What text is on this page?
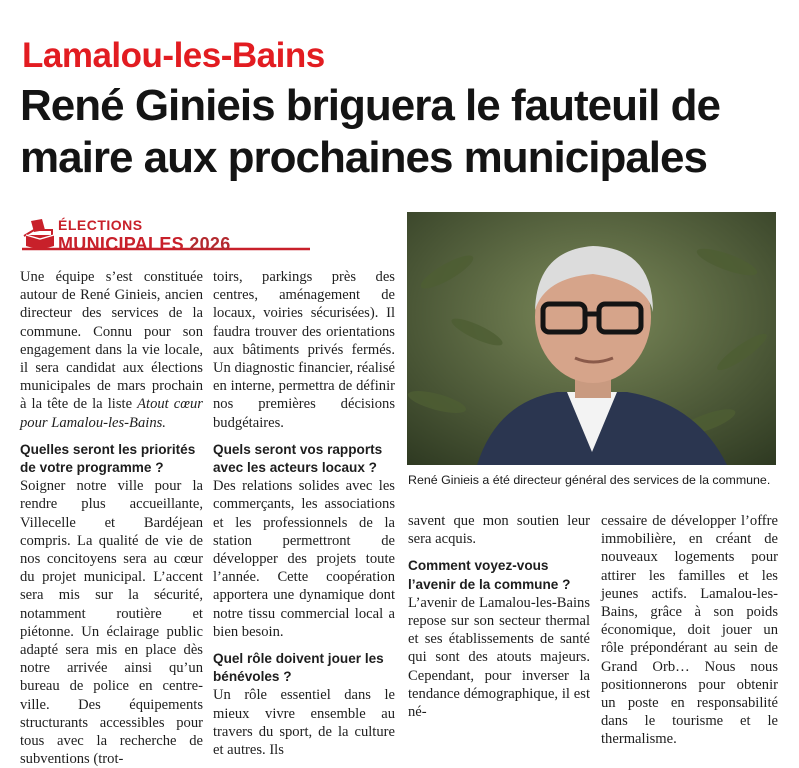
Lamalou-les-Bains
René Ginieis briguera le fauteuil de
maire aux prochaines municipales
ÉLECTIONS
MUNICIPALES 2026

Une équipe s’est constituée autour de René Ginieis, ancien directeur des services de la commune. Connu pour son engagement dans la vie locale, il sera candidat aux élections municipales de mars prochain à la tête de la liste Atout cœur pour Lamalou-les-Bains.

Quelles seront les priorités de votre programme ?

Soigner notre ville pour la rendre plus accueillante, Villecelle et Bardéjean compris. La qualité de vie de nos concitoyens sera au cœur du projet municipal. L’accent sera mis sur la sécurité, notamment routière et piétonne. Un éclairage public adapté sera mis en place dès notre arrivée ainsi qu’un bureau de police en centre-ville. Des équipements structurants accessibles pour tous avec la recherche de subventions (trot-

toirs, parkings près des centres, aménagement de locaux, voiries sécurisées). Il faudra trouver des orientations aux bâtiments privés fermés. Un diagnostic financier, réalisé en interne, permettra de définir nos premières décisions budgétaires.

Quels seront vos rapports avec les acteurs locaux ?

Des relations solides avec les commerçants, les associations et les professionnels de la station permettront de développer des projets toute l’année. Cette coopération apportera une dynamique dont notre tissu commercial local a bien besoin.

Quel rôle doivent jouer les bénévoles ?

Un rôle essentiel dans le mieux vivre ensemble au travers du sport, de la culture et autres. Ils

René Ginieis a été directeur général des services de la commune.

savent que mon soutien leur sera acquis.

Comment voyez-vous l’avenir de la commune ?

L’avenir de Lamalou-les-Bains repose sur son secteur thermal et ses établissements de santé qui sont des atouts majeurs. Cependant, pour inverser la tendance démographique, il est né-

cessaire de développer l’offre immobilière, en créant de nouveaux logements pour attirer les familles et les jeunes actifs. Lamalou-les-Bains, grâce à son poids économique, doit jouer un rôle prépondérant au sein de Grand Orb… Nous nous positionnerons pour obtenir un poste en responsabilité dans le tourisme et le thermalisme.
